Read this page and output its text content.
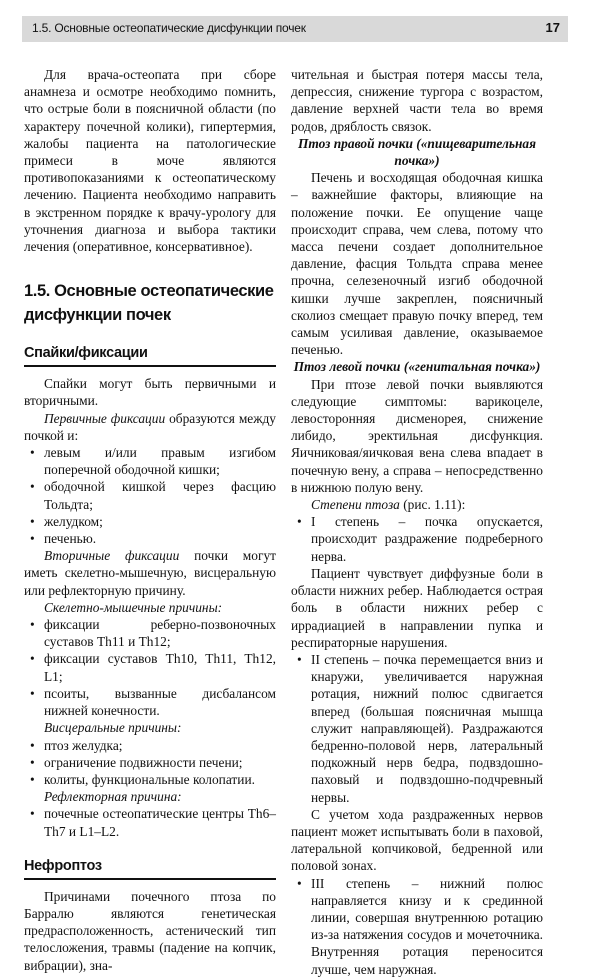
1.5. Основные остеопатические дисфункции почек	17

Для врача-остеопата при сборе анамнеза и осмотре необходимо помнить, что острые боли в поясничной области (по характеру почечной колики), гипертермия, жалобы пациента на патологические примеси в моче являются противопоказаниями к остеопатическому лечению. Пациента необходимо направить в экстренном порядке к врачу-урологу для уточнения диагноза и выбора тактики лечения (оперативное, консервативное).

1.5. Основные остеопатические
дисфункции почек
Спайки/фиксации

Спайки могут быть первичными и вторичными.

Первичные фиксации образуются между почкой и:

• левым и/или правым изгибом поперечной ободочной кишки;
• ободочной кишкой через фасцию Тольдта;
• желудком;
• печенью.

Вторичные фиксации почки могут иметь скелетно-мышечную, висцеральную или рефлекторную причину.

Скелетно-мышечные причины:

• фиксации реберно-позвоночных суставов Th11 и Th12;
• фиксации суставов Th10, Th11, Th12, L1;
• псоиты, вызванные дисбалансом нижней конечности.

Висцеральные причины:

• птоз желудка;
• ограничение подвижности печени;
• колиты, функциональные колопатии.

Рефлекторная причина:

• почечные остеопатические центры Th6–Th7 и L1–L2.
Нефроптоз

Причинами почечного птоза по Барралю являются генетическая предрасположенность, астенический тип телосложения, травмы (падение на копчик, вибрации), зна-

чительная и быстрая потеря массы тела, депрессия, снижение тургора с возрастом, давление верхней части тела во время родов, дряблость связок.

Птоз правой почки («пищеварительная почка»)

Печень и восходящая ободочная кишка – важнейшие факторы, влияющие на положение почки. Ее опущение чаще происходит справа, чем слева, потому что масса печени создает дополнительное давление, фасция Тольдта справа менее прочна, селезеночный изгиб ободочной кишки лучше закреплен, поясничный сколиоз смещает правую почку вперед, тем самым усиливая давление, оказываемое печенью.

Птоз левой почки («генитальная почка»)

При птозе левой почки выявляются следующие симптомы: варикоцеле, левосторонняя дисменорея, снижение либидо, эректильная дисфункция. Яичниковая/яичковая вена слева впадает в почечную вену, а справа – непосредственно в нижнюю полую вену.

Степени птоза (рис. 1.11):

• I степень – почка опускается, происходит раздражение подреберного нерва.

Пациент чувствует диффузные боли в области нижних ребер. Наблюдается острая боль в области нижних ребер с иррадиацией в направлении пупка и респираторные нарушения.

• II степень – почка перемещается вниз и кнаружи, увеличивается наружная ротация, нижний полюс сдвигается вперед (большая поясничная мышца служит направляющей). Раздражаются бедренно-половой нерв, латеральный подкожный нерв бедра, подвздошно-паховый и подвздошно-подчревный нервы.

С учетом хода раздраженных нервов пациент может испытывать боли в паховой, латеральной копчиковой, бедренной или половой зонах.

• III степень – нижний полюс направляется книзу и к срединной линии, совершая внутреннюю ротацию из-за натяжения сосудов и мочеточника. Внутренняя ротация переносится лучше, чем наружная.
